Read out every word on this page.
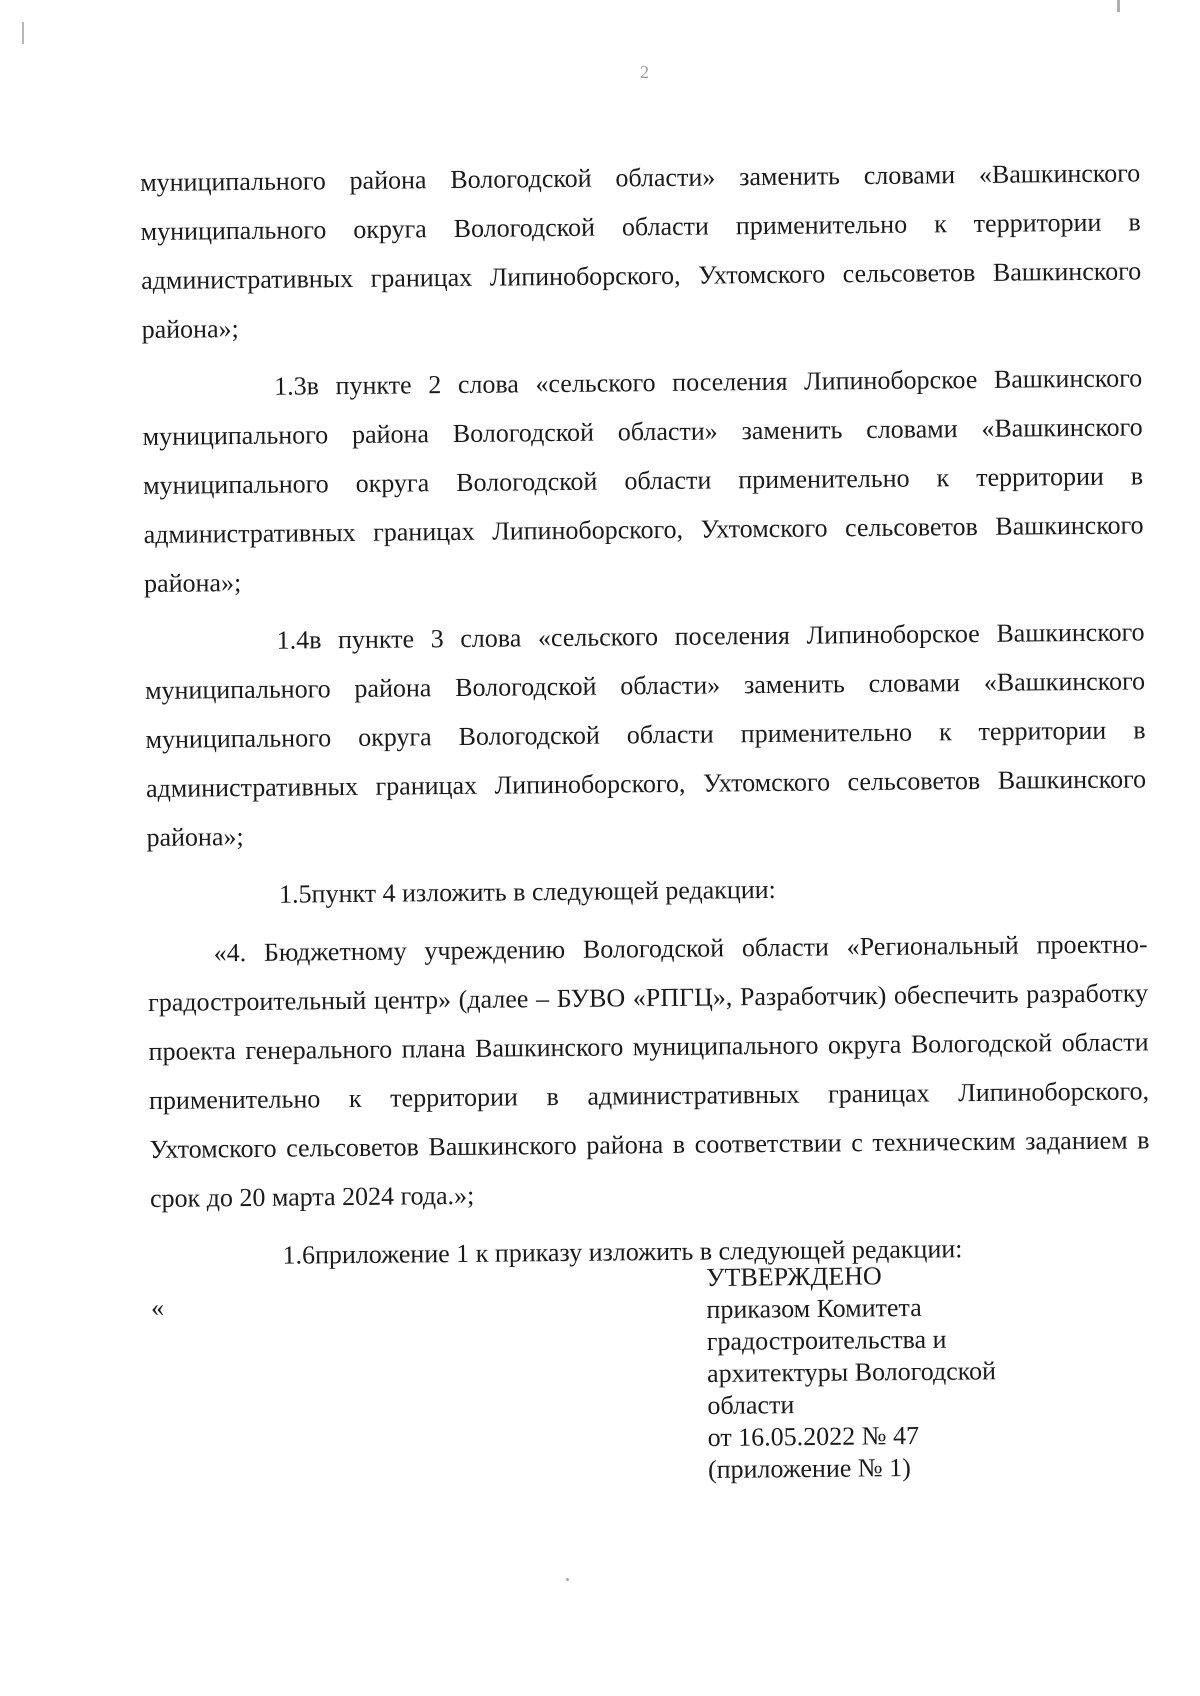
2

муниципального района Вологодской области» заменить словами «Вашкинского муниципального округа Вологодской области применительно к территории в административных границах Липиноборского, Ухтомского сельсоветов Вашкинского района»;

1.3в пункте 2 слова «сельского поселения Липиноборское Вашкинского муниципального района Вологодской области» заменить словами «Вашкинского муниципального округа Вологодской области применительно к территории в административных границах Липиноборского, Ухтомского сельсоветов Вашкинского района»;

1.4в пункте 3 слова «сельского поселения Липиноборское Вашкинского муниципального района Вологодской области» заменить словами «Вашкинского муниципального округа Вологодской области применительно к территории в административных границах Липиноборского, Ухтомского сельсоветов Вашкинского района»;

1.5пункт 4 изложить в следующей редакции:

«4. Бюджетному учреждению Вологодской области «Региональный проектно-градостроительный центр» (далее – БУВО «РПГЦ», Разработчик) обеспечить разработку проекта генерального плана Вашкинского муниципального округа Вологодской области применительно к территории в административных границах Липиноборского, Ухтомского сельсоветов Вашкинского района в соответствии с техническим заданием в срок до 20 марта 2024 года.»;

1.6приложение 1 к приказу изложить в следующей редакции:

«
УТВЕРЖДЕНО
приказом Комитета
градостроительства и
архитектуры Вологодской
области
от 16.05.2022 № 47
(приложение № 1)
